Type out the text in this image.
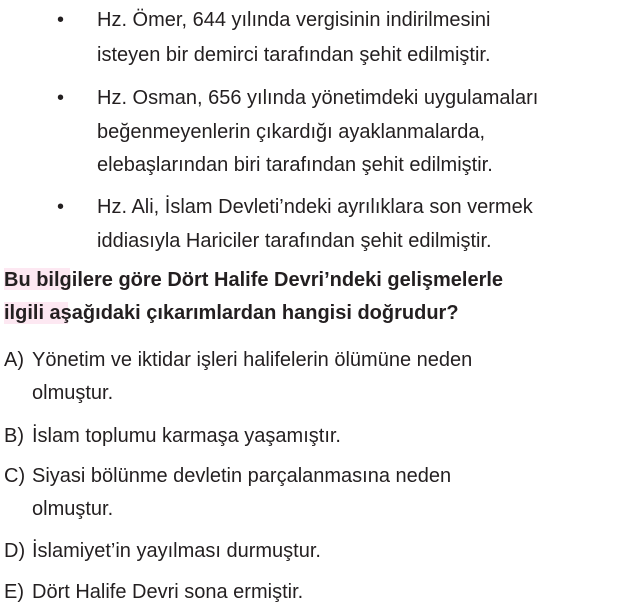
• Hz. Ömer, 644 yılında vergisinin indirilmesini
isteyen bir demirci tarafından şehit edilmiştir.
• Hz. Osman, 656 yılında yönetimdeki uygulamaları
beğenmeyenlerin çıkardığı ayaklanmalarda,
elebaşlarından biri tarafından şehit edilmiştir.
• Hz. Ali, İslam Devleti’ndeki ayrılıklara son vermek
iddiasıyla Hariciler tarafından şehit edilmiştir.
Bu bilgilere göre Dört Halife Devri’ndeki gelişmelerle
ilgili aşağıdaki çıkarımlardan hangisi doğrudur?
A) Yönetim ve iktidar işleri halifelerin ölümüne neden
olmuştur.
B) İslam toplumu karmaşa yaşamıştır.
C) Siyasi bölünme devletin parçalanmasına neden
olmuştur.
D) İslamiyet’in yayılması durmuştur.
E) Dört Halife Devri sona ermiştir.
